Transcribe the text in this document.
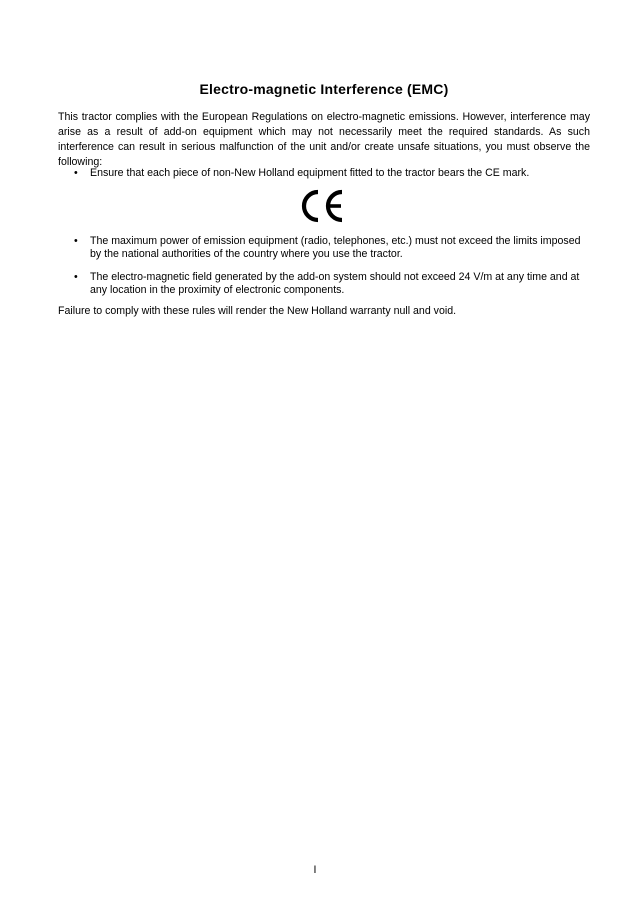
Electro-magnetic Interference (EMC)

This tractor complies with the European Regulations on electro-magnetic emissions. However, interference may arise as a result of add-on equipment which may not necessarily meet the required standards. As such interference can result in serious malfunction of the unit and/or create unsafe situations, you must observe the following:

•	Ensure that each piece of non-New Holland equipment fitted to the tractor bears the CE mark.
•	The maximum power of emission equipment (radio, telephones, etc.) must not exceed the limits imposed by the national authorities of the country where you use the tractor.
•	The electro-magnetic field generated by the add-on system should not exceed 24 V/m at any time and at any location in the proximity of electronic components.

Failure to comply with these rules will render the New Holland warranty null and void.

I
